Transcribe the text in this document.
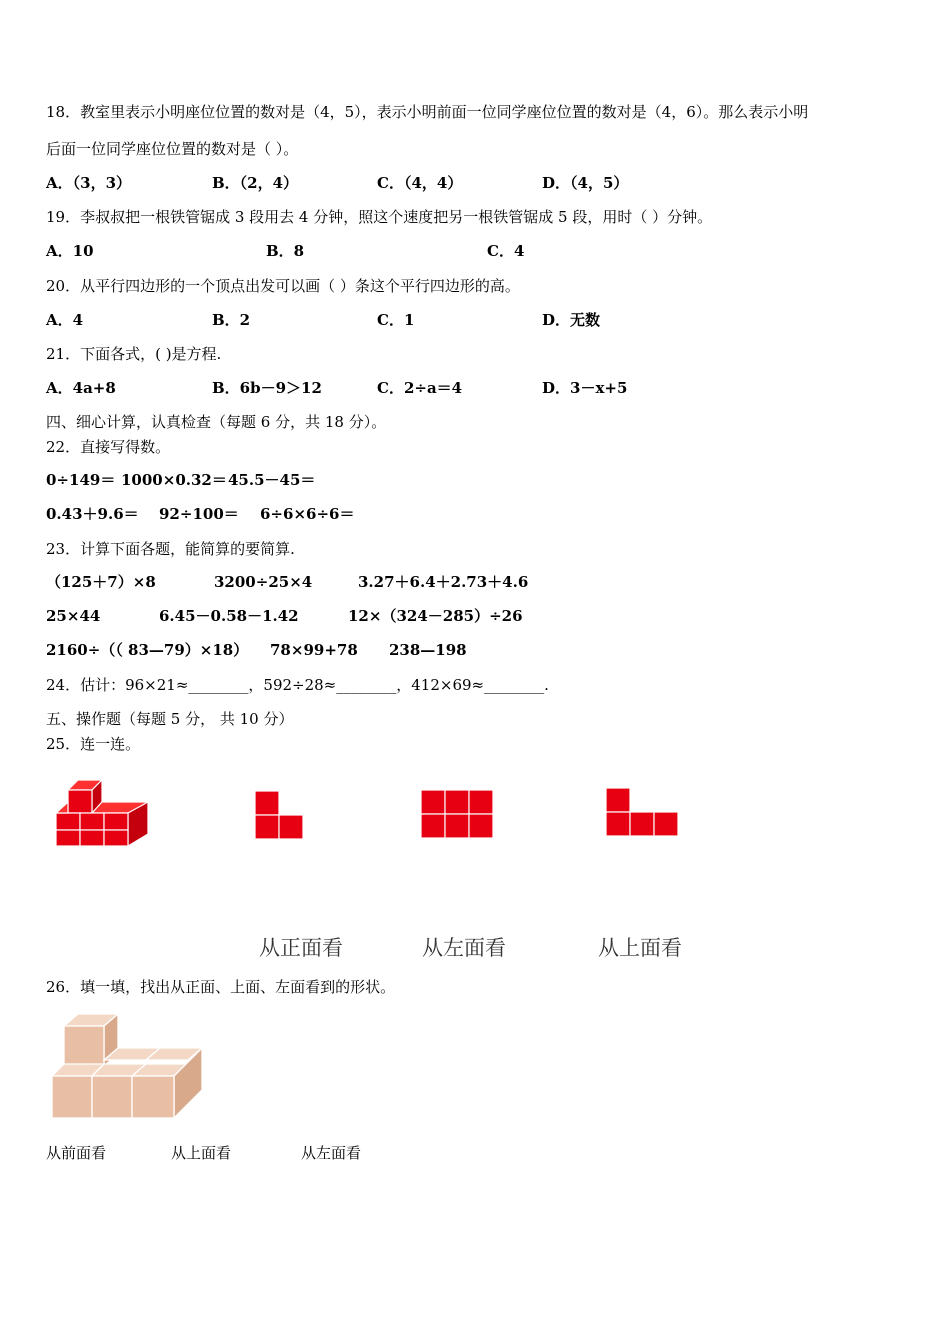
18．教室里表示小明座位位置的数对是（4，5），表示小明前面一位同学座位位置的数对是（4，6）。那么表示小明
后面一位同学座位位置的数对是（ ）。
A．（3，3）	B．（2，4）	C．（4，4）	D．（4，5）
19．李叔叔把一根铁管锯成 3 段用去 4 分钟，照这个速度把另一根铁管锯成 5 段，用时（ ）分钟。
A．10	B．8	C．4
20．从平行四边形的一个顶点出发可以画（ ）条这个平行四边形的高。
A．4	B．2	C．1	D．无数
21．下面各式，( )是方程.
A．4a+8	B．6b－9＞12	C．2÷a＝4	D．3－x+5
四、细心计算，认真检查（每题 6 分，共 18 分）。
22．直接写得数。
0÷149＝ 1000×0.32＝ 45.5－45＝
0.43＋9.6＝ 92÷100＝ 6÷6×6÷6＝
23．计算下面各题，能简算的要简算.
（125＋7）×8	3200÷25×4	3.27＋6.4＋2.73＋4.6
25×44	6.45－0.58－1.42	12×（324－285）÷26
2160÷（（ 83—79）×18） 78×99+78 238—198
24．估计：96×21≈________，592÷28≈________，412×69≈________.
五、操作题（每题 5 分， 共 10 分）
25．连一连。
从正面看	从左面看	从上面看
26．填一填，找出从正面、上面、左面看到的形状。
从前面看	从上面看	从左面看
